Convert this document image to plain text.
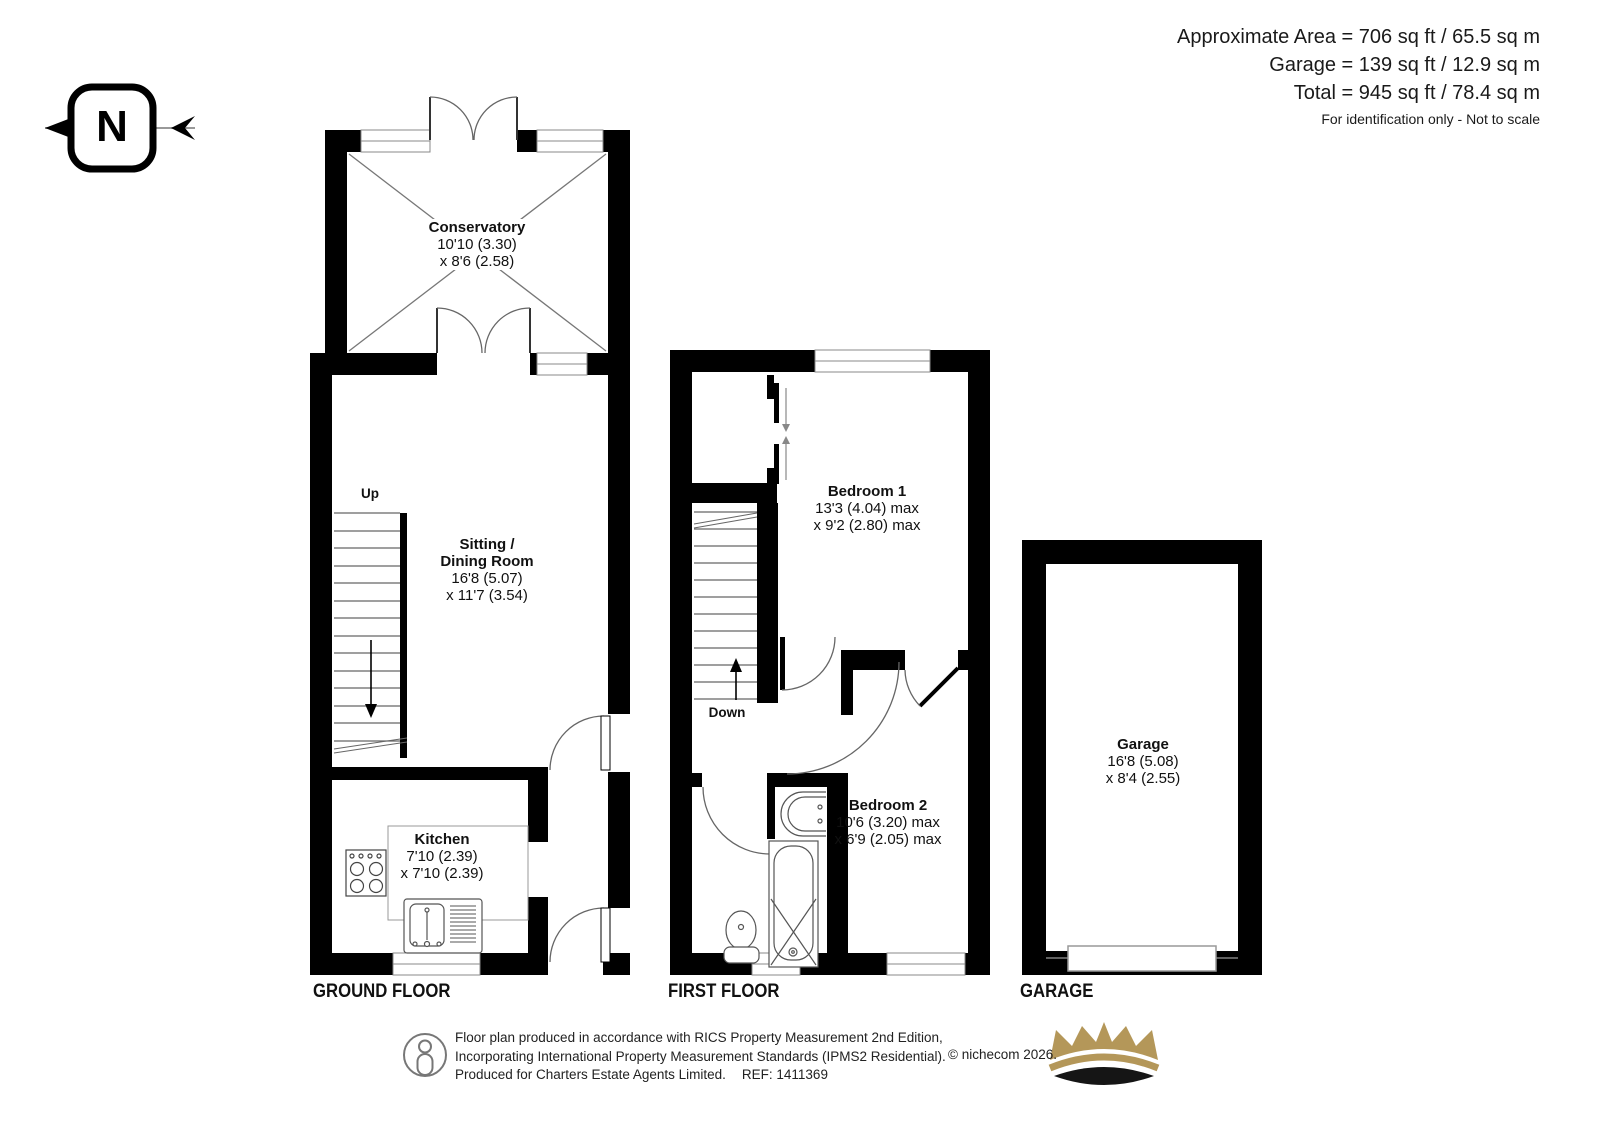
Approximate Area = 706 sq ft / 65.5 sq m
Garage = 139 sq ft / 12.9 sq m
Total = 945 sq ft / 78.4 sq m
For identification only - Not to scale
N
Conservatory
10'10 (3.30)
x 8'6 (2.58)
Sitting /
Dining Room
16'8 (5.07)
x 11'7 (3.54)
Kitchen
7'10 (2.39)
x 7'10 (2.39)
Up
Down
Bedroom 1
13'3 (4.04) max
x 9'2 (2.80) max
Bedroom 2
10'6 (3.20) max
x 6'9 (2.05) max
Garage
16'8 (5.08)
x 8'4 (2.55)
GROUND FLOOR	FIRST FLOOR	GARAGE
Floor plan produced in accordance with RICS Property Measurement 2nd Edition,
Incorporating International Property Measurement Standards (IPMS2 Residential).
Produced for Charters Estate Agents Limited. REF: 1411369
© nichecom 2026.
